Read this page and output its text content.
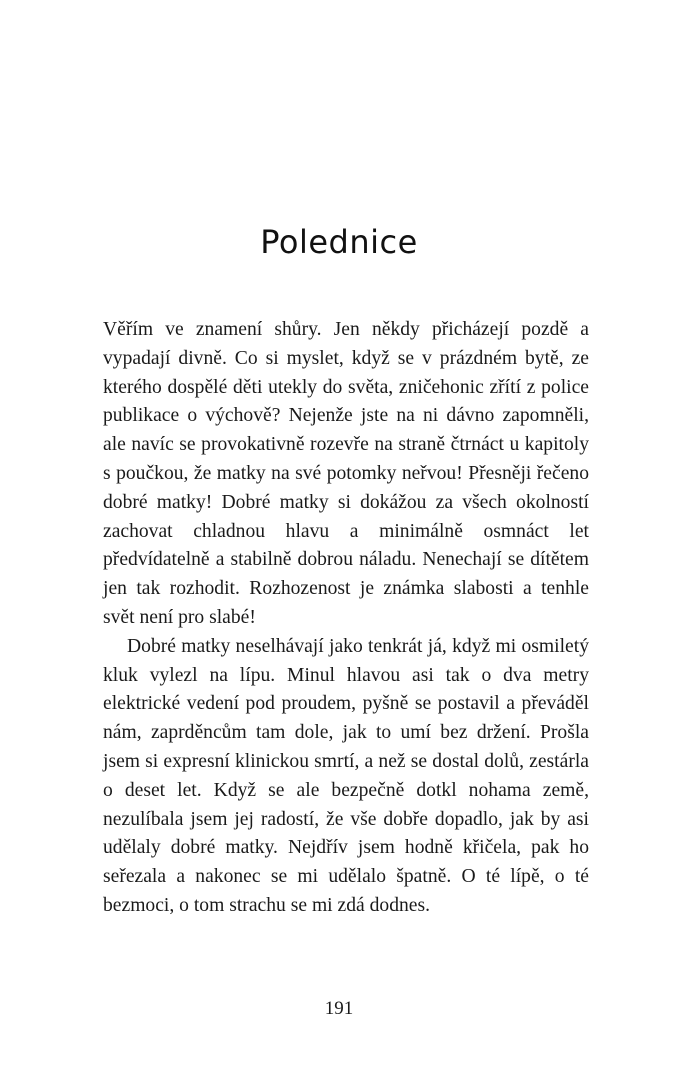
Polednice

Věřím ve znamení shůry. Jen někdy přicházejí pozdě a vypadají divně. Co si myslet, když se v prázdném bytě, ze kterého dospělé děti utekly do světa, zničehonic zřítí z police publikace o výchově? Nejenže jste na ni dávno zapomněli, ale navíc se provokativně rozevře na straně čtrnáct u kapitoly s poučkou, že matky na své potomky neřvou! Přesněji řečeno dobré matky! Dobré matky si dokážou za všech okolností zachovat chladnou hlavu a minimálně osmnáct let předvídatelně a stabilně dobrou náladu. Nenechají se dítětem jen tak rozhodit. Rozhozenost je známka slabosti a tenhle svět není pro slabé!

Dobré matky neselhávají jako tenkrát já, když mi osmiletý kluk vylezl na lípu. Minul hlavou asi tak o dva metry elektrické vedení pod proudem, pyšně se postavil a převáděl nám, zaprděncům tam dole, jak to umí bez držení. Prošla jsem si expresní klinickou smrtí, a než se dostal dolů, zestárla o deset let. Když se ale bezpečně dotkl nohama země, nezulíbala jsem jej radostí, že vše dobře dopadlo, jak by asi udělaly dobré matky. Nejdřív jsem hodně křičela, pak ho seřezala a nakonec se mi udělalo špatně. O té lípě, o té bezmoci, o tom strachu se mi zdá dodnes.

191
